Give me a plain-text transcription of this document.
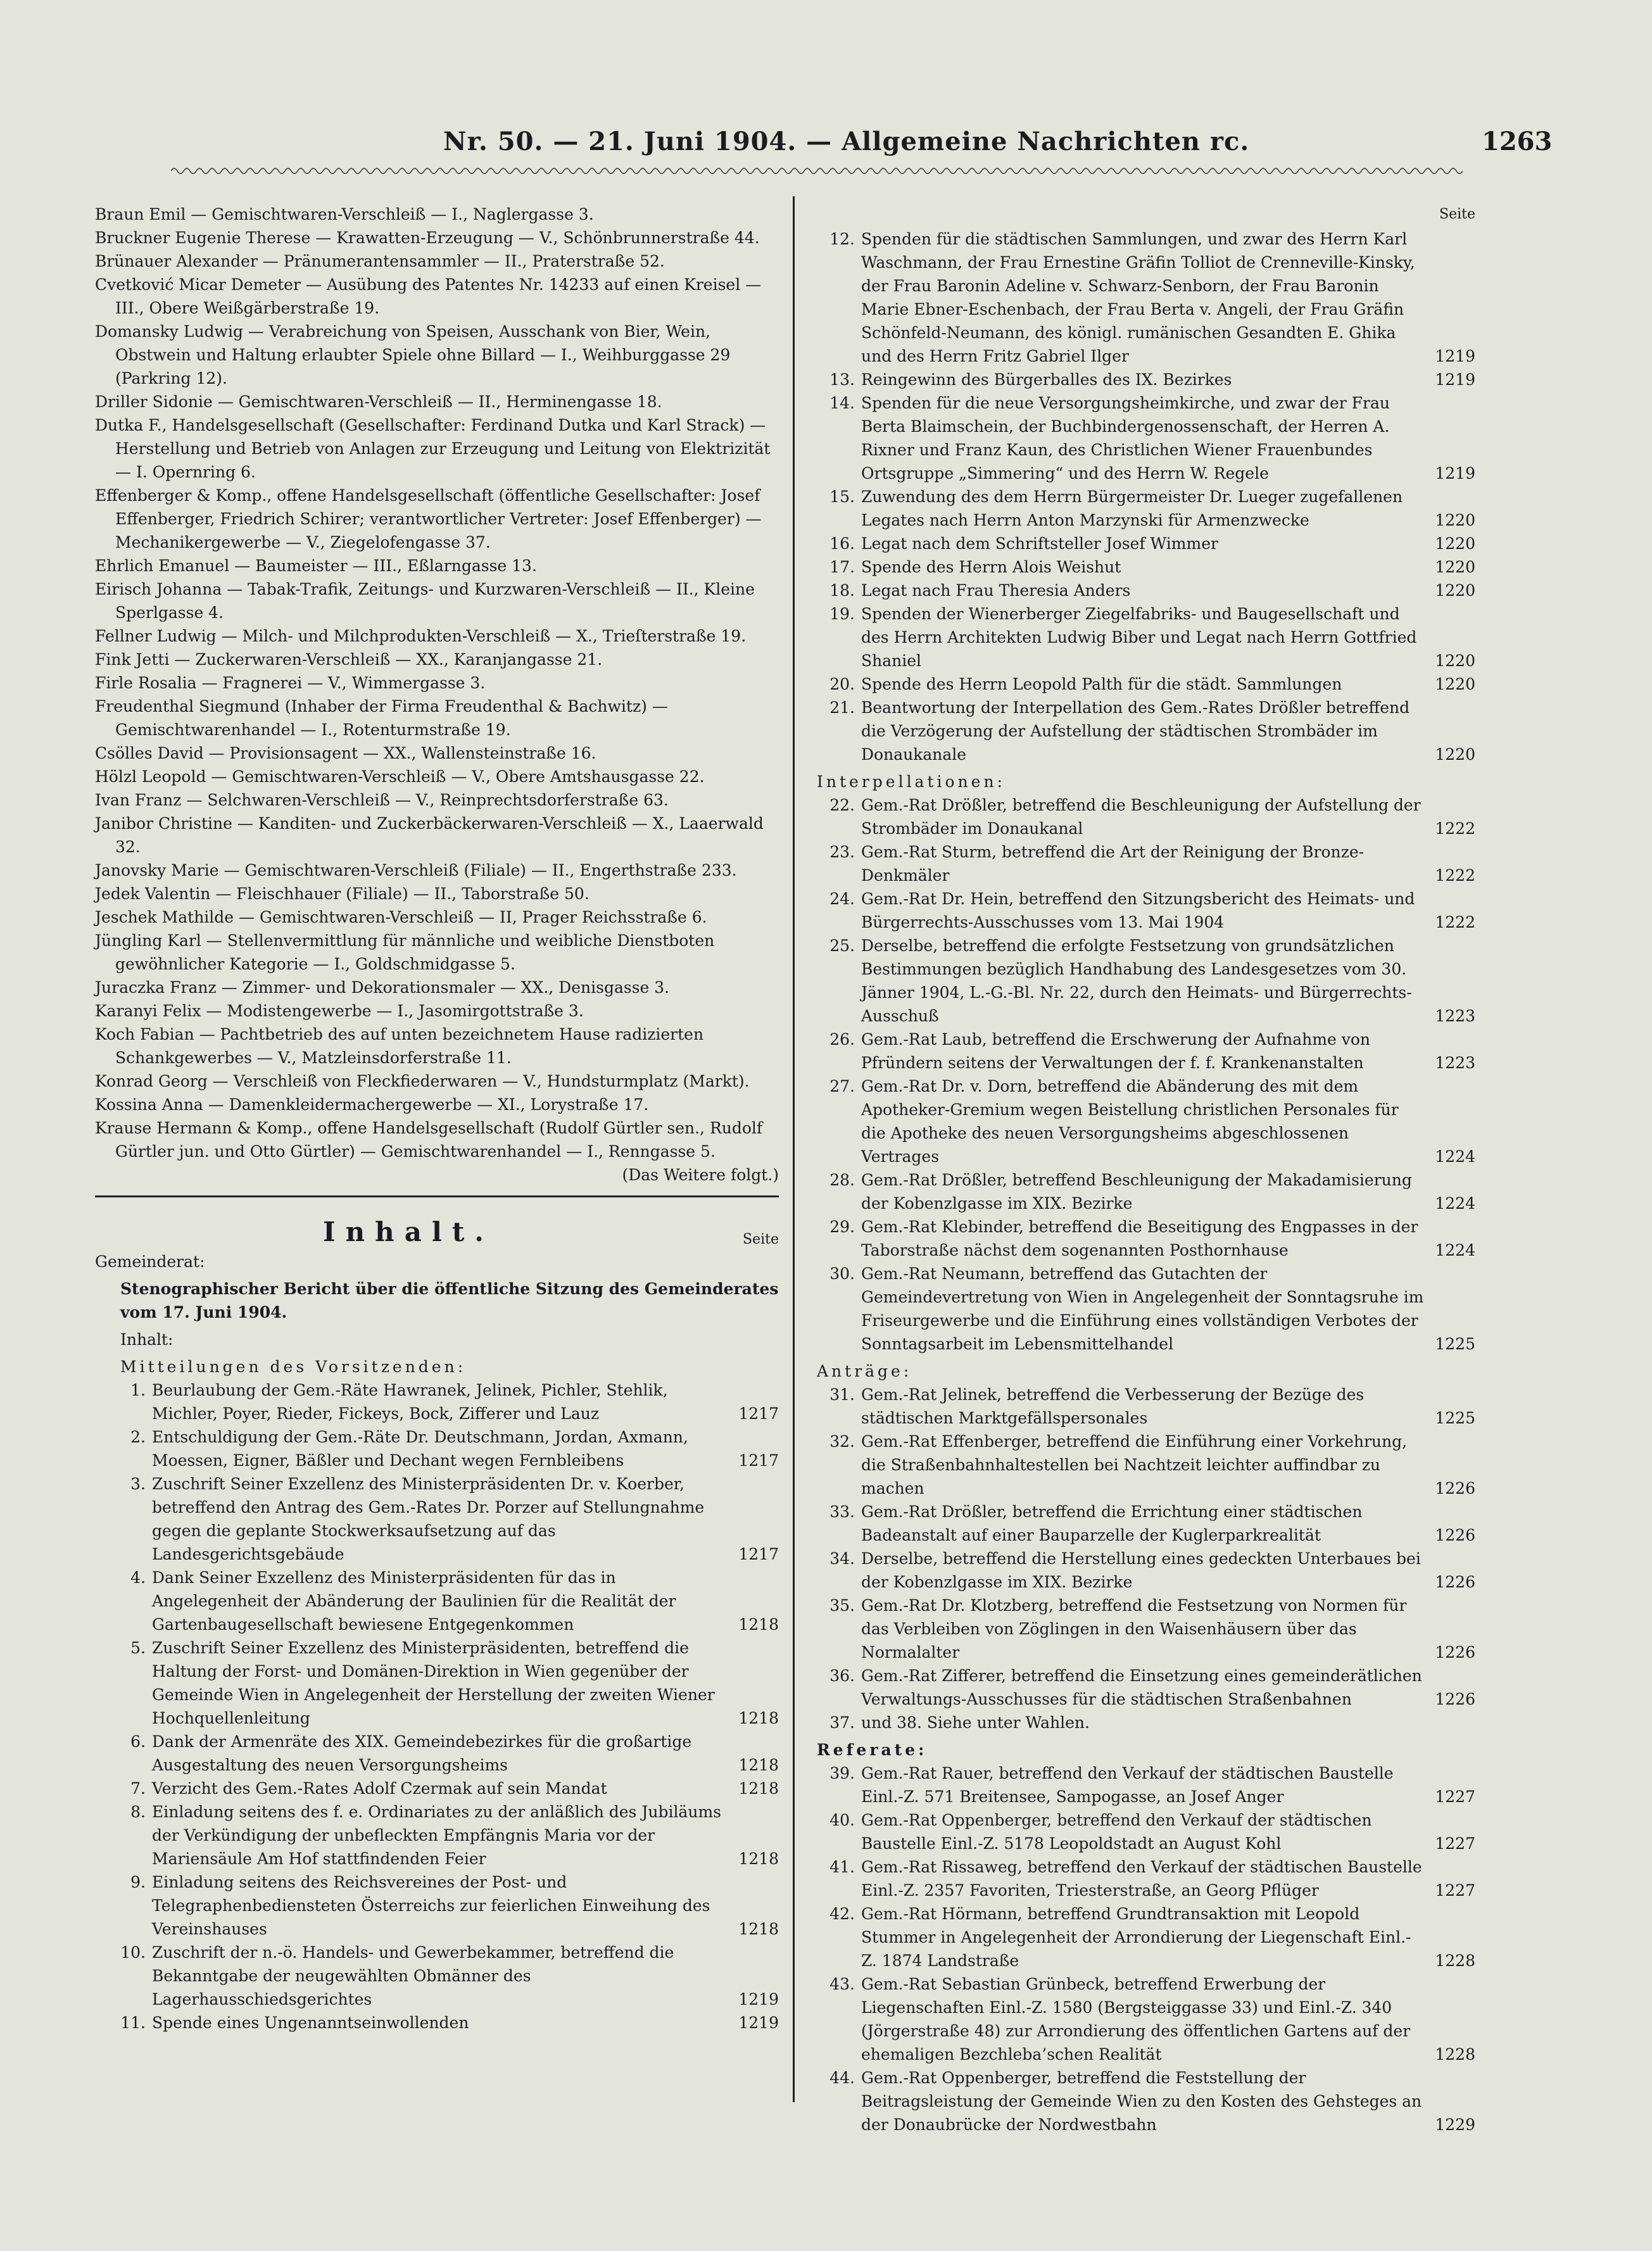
Nr. 50. — 21. Juni 1904. — Allgemeine Nachrichten rc.	1263
Braun Emil — Gemischtwaren-Verschleiß — I., Naglergasse 3.
Bruckner Eugenie Therese — Krawatten-Erzeugung — V., Schönbrunnerstraße 44.
Brünauer Alexander — Pränumerantensammler — II., Praterstraße 52.
Cvetković Micar Demeter — Ausübung des Patentes Nr. 14233 auf einen Kreisel — III., Obere Weißgärberstraße 19.
Domansky Ludwig — Verabreichung von Speisen, Ausschank von Bier, Wein, Obstwein und Haltung erlaubter Spiele ohne Billard — I., Weihburggasse 29 (Parkring 12).
Driller Sidonie — Gemischtwaren-Verschleiß — II., Herminengasse 18.
Dutka F., Handelsgesellschaft (Gesellschafter: Ferdinand Dutka und Karl Strack) — Herstellung und Betrieb von Anlagen zur Erzeugung und Leitung von Elektrizität — I. Opernring 6.
Effenberger & Komp., offene Handelsgesellschaft (öffentliche Gesellschafter: Josef Effenberger, Friedrich Schirer; verantwortlicher Vertreter: Josef Effenberger) — Mechanikergewerbe — V., Ziegelofengasse 37.
Ehrlich Emanuel — Baumeister — III., Eßlarngasse 13.
Eirisch Johanna — Tabak-Trafik, Zeitungs- und Kurzwaren-Verschleiß — II., Kleine Sperlgasse 4.
Fellner Ludwig — Milch- und Milchprodukten-Verschleiß — X., Trieſterstraße 19.
Fink Jetti — Zuckerwaren-Verschleiß — XX., Karanjangasse 21.
Firle Rosalia — Fragnerei — V., Wimmergasse 3.
Freudenthal Siegmund (Inhaber der Firma Freudenthal & Bachwitz) — Gemischtwarenhandel — I., Rotenturmstraße 19.
Csölles David — Provisionsagent — XX., Wallensteinstraße 16.
Hölzl Leopold — Gemischtwaren-Verschleiß — V., Obere Amtshausgasse 22.
Ivan Franz — Selchwaren-Verschleiß — V., Reinprechtsdorferstraße 63.
Janibor Christine — Kanditen- und Zuckerbäckerwaren-Verschleiß — X., Laaerwald 32.
Janovsky Marie — Gemischtwaren-Verschleiß (Filiale) — II., Engerthstraße 233.
Jedek Valentin — Fleischhauer (Filiale) — II., Taborstraße 50.
Jeschek Mathilde — Gemischtwaren-Verschleiß — II, Prager Reichsstraße 6.
Jüngling Karl — Stellenvermittlung für männliche und weibliche Dienstboten gewöhnlicher Kategorie — I., Goldschmidgasse 5.
Juraczka Franz — Zimmer- und Dekorationsmaler — XX., Denisgasse 3.
Karanyi Felix — Modistengewerbe — I., Jasomirgottstraße 3.
Koch Fabian — Pachtbetrieb des auf unten bezeichnetem Hause radizierten Schankgewerbes — V., Matzleinsdorferstraße 11.
Konrad Georg — Verschleiß von Fleckfiederwaren — V., Hundsturmplatz (Markt).
Kossina Anna — Damenkleidermachergewerbe — XI., Lorystraße 17.
Krause Hermann & Komp., offene Handelsgesellschaft (Rudolf Gürtler sen., Rudolf Gürtler jun. und Otto Gürtler) — Gemischtwarenhandel — I., Renngasse 5.
(Das Weitere folgt.)
Inhalt.	Seite
Gemeinderat:
Stenographischer Bericht über die öffentliche Sitzung des Gemeinderates vom 17. Juni 1904.
Inhalt:
Mitteilungen des Vorsitzenden:
1. Beurlaubung der Gem.-Räte Hawranek, Jelinek, Pichler, Stehlik, Michler, Poyer, Rieder, Fickeys, Bock, Zifferer und Lauz	1217
2. Entschuldigung der Gem.-Räte Dr. Deutschmann, Jordan, Axmann, Moessen, Eigner, Bäßler und Dechant wegen Fernbleibens	1217
3. Zuschrift Seiner Exzellenz des Ministerpräsidenten Dr. v. Koerber, betreffend den Antrag des Gem.-Rates Dr. Porzer auf Stellungnahme gegen die geplante Stockwerksaufsetzung auf das Landesgerichtsgebäude	1217
4. Dank Seiner Exzellenz des Ministerpräsidenten für das in Angelegenheit der Abänderung der Baulinien für die Realität der Gartenbaugesellschaft bewiesene Entgegenkommen	1218
5. Zuschrift Seiner Exzellenz des Ministerpräsidenten, betreffend die Haltung der Forst- und Domänen-Direktion in Wien gegenüber der Gemeinde Wien in Angelegenheit der Herstellung der zweiten Wiener Hochquellenleitung	1218
6. Dank der Armenräte des XIX. Gemeindebezirkes für die großartige Ausgestaltung des neuen Versorgungsheims	1218
7. Verzicht des Gem.-Rates Adolf Czermak auf sein Mandat	1218
8. Einladung seitens des f. e. Ordinariates zu der anläßlich des Jubiläums der Verkündigung der unbefleckten Empfängnis Maria vor der Mariensäule Am Hof stattfindenden Feier	1218
9. Einladung seitens des Reichsvereines der Post- und Telegraphenbediensteten Österreichs zur feierlichen Einweihung des Vereinshauses	1218
10. Zuschrift der n.-ö. Handels- und Gewerbekammer, betreffend die Bekanntgabe der neugewählten Obmänner des Lagerhausschiedsgerichtes	1219
11. Spende eines Ungenanntseinwollenden	1219
Seite
12. Spenden für die städtischen Sammlungen, und zwar des Herrn Karl Waschmann, der Frau Ernestine Gräfin Tolliot de Crenneville-Kinsky, der Frau Baronin Adeline v. Schwarz-Senborn, der Frau Baronin Marie Ebner-Eschenbach, der Frau Berta v. Angeli, der Frau Gräfin Schönfeld-Neumann, des königl. rumänischen Gesandten E. Ghika und des Herrn Fritz Gabriel Ilger	1219
13. Reingewinn des Bürgerballes des IX. Bezirkes	1219
14. Spenden für die neue Versorgungsheimkirche, und zwar der Frau Berta Blaimschein, der Buchbindergenossenschaft, der Herren A. Rixner und Franz Kaun, des Christlichen Wiener Frauenbundes Ortsgruppe „Simmering“ und des Herrn W. Regele	1219
15. Zuwendung des dem Herrn Bürgermeister Dr. Lueger zugefallenen Legates nach Herrn Anton Marzynski für Armenzwecke	1220
16. Legat nach dem Schriftsteller Josef Wimmer	1220
17. Spende des Herrn Alois Weishut	1220
18. Legat nach Frau Theresia Anders	1220
19. Spenden der Wienerberger Ziegelfabriks- und Baugesellschaft und des Herrn Architekten Ludwig Biber und Legat nach Herrn Gottfried Shaniel	1220
20. Spende des Herrn Leopold Palth für die städt. Sammlungen	1220
21. Beantwortung der Interpellation des Gem.-Rates Drößler betreffend die Verzögerung der Aufstellung der städtischen Strombäder im Donaukanale	1220
Interpellationen:
22. Gem.-Rat Drößler, betreffend die Beschleunigung der Aufstellung der Strombäder im Donaukanal	1222
23. Gem.-Rat Sturm, betreffend die Art der Reinigung der Bronze-Denkmäler	1222
24. Gem.-Rat Dr. Hein, betreffend den Sitzungsbericht des Heimats- und Bürgerrechts-Ausschusses vom 13. Mai 1904	1222
25. Derselbe, betreffend die erfolgte Festsetzung von grundsätzlichen Bestimmungen bezüglich Handhabung des Landesgesetzes vom 30. Jänner 1904, L.-G.-Bl. Nr. 22, durch den Heimats- und Bürgerrechts-Ausschuß	1223
26. Gem.-Rat Laub, betreffend die Erschwerung der Aufnahme von Pfründern seitens der Verwaltungen der f. f. Krankenanstalten	1223
27. Gem.-Rat Dr. v. Dorn, betreffend die Abänderung des mit dem Apotheker-Gremium wegen Beistellung christlichen Personales für die Apotheke des neuen Versorgungsheims abgeschlossenen Vertrages	1224
28. Gem.-Rat Drößler, betreffend Beschleunigung der Makadamisierung der Kobenzlgasse im XIX. Bezirke	1224
29. Gem.-Rat Klebinder, betreffend die Beseitigung des Engpasses in der Taborstraße nächst dem sogenannten Posthornhause	1224
30. Gem.-Rat Neumann, betreffend das Gutachten der Gemeindevertretung von Wien in Angelegenheit der Sonntagsruhe im Friseurgewerbe und die Einführung eines vollständigen Verbotes der Sonntagsarbeit im Lebensmittelhandel	1225
Anträge:
31. Gem.-Rat Jelinek, betreffend die Verbesserung der Bezüge des städtischen Marktgefällspersonales	1225
32. Gem.-Rat Effenberger, betreffend die Einführung einer Vorkehrung, die Straßenbahnhaltestellen bei Nachtzeit leichter auffindbar zu machen	1226
33. Gem.-Rat Drößler, betreffend die Errichtung einer städtischen Badeanstalt auf einer Bauparzelle der Kuglerparkrealität	1226
34. Derselbe, betreffend die Herstellung eines gedeckten Unterbaues bei der Kobenzlgasse im XIX. Bezirke	1226
35. Gem.-Rat Dr. Klotzberg, betreffend die Festsetzung von Normen für das Verbleiben von Zöglingen in den Waisenhäusern über das Normalalter	1226
36. Gem.-Rat Zifferer, betreffend die Einsetzung eines gemeinderätlichen Verwaltungs-Ausschusses für die städtischen Straßenbahnen	1226
37. und 38. Siehe unter Wahlen.
Referate:
39. Gem.-Rat Rauer, betreffend den Verkauf der städtischen Baustelle Einl.-Z. 571 Breitensee, Sampogasse, an Josef Anger	1227
40. Gem.-Rat Oppenberger, betreffend den Verkauf der städtischen Baustelle Einl.-Z. 5178 Leopoldstadt an August Kohl	1227
41. Gem.-Rat Rissaweg, betreffend den Verkauf der städtischen Baustelle Einl.-Z. 2357 Favoriten, Triesterstraße, an Georg Pflüger	1227
42. Gem.-Rat Hörmann, betreffend Grundtransaktion mit Leopold Stummer in Angelegenheit der Arrondierung der Liegenschaft Einl.-Z. 1874 Landstraße	1228
43. Gem.-Rat Sebastian Grünbeck, betreffend Erwerbung der Liegenschaften Einl.-Z. 1580 (Bergsteiggasse 33) und Einl.-Z. 340 (Jörgerstraße 48) zur Arrondierung des öffentlichen Gartens auf der ehemaligen Bezchleba’schen Realität	1228
44. Gem.-Rat Oppenberger, betreffend die Feststellung der Beitragsleistung der Gemeinde Wien zu den Kosten des Gehsteges an der Donaubrücke der Nordwestbahn	1229
